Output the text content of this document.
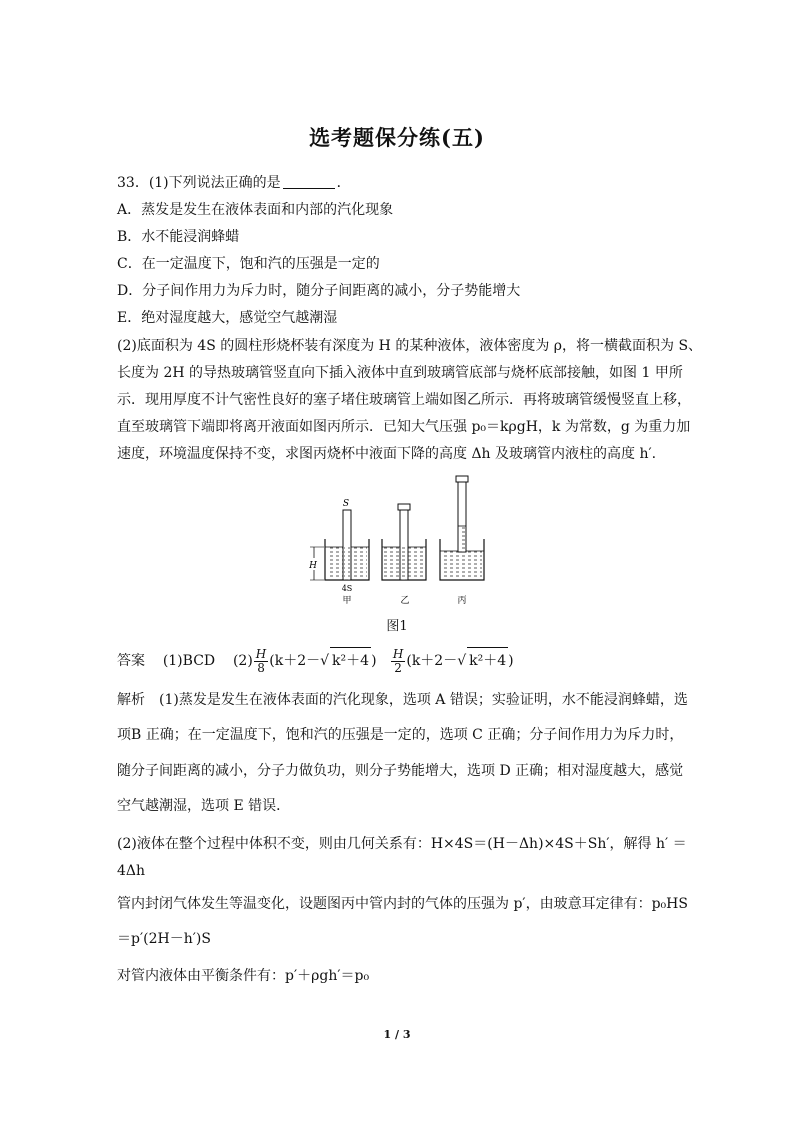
选考题保分练(五)
33．(1)下列说法正确的是	．
A．蒸发是发生在液体表面和内部的汽化现象
B．水不能浸润蜂蜡
C．在一定温度下，饱和汽的压强是一定的
D．分子间作用力为斥力时，随分子间距离的减小，分子势能增大
E．绝对湿度越大，感觉空气越潮湿
(2)底面积为 4S 的圆柱形烧杯装有深度为 H 的某种液体，液体密度为 ρ，将一横截面积为 S、
长度为 2H 的导热玻璃管竖直向下插入液体中直到玻璃管底部与烧杯底部接触，如图 1 甲所
示．现用厚度不计气密性良好的塞子堵住玻璃管上端如图乙所示．再将玻璃管缓慢竖直上移，
直至玻璃管下端即将离开液面如图丙所示．已知大气压强 p₀＝kρgH，k 为常数，g 为重力加
速度，环境温度保持不变，求图丙烧杯中液面下降的高度 Δh 及玻璃管内液柱的高度 h′.
S
H
4S
甲	乙	丙
图1
答案 (1)BCD $(2) \frac{H}{8} (k+2-√$ k²＋4 ) $\frac{H}{2} (k+2-√$ k²＋4 )
解析　(1)蒸发是发生在液体表面的汽化现象，选项 A 错误；实验证明，水不能浸润蜂蜡，选
项B 正确；在一定温度下，饱和汽的压强是一定的，选项 C 正确；分子间作用力为斥力时，
随分子间距离的减小，分子力做负功，则分子势能增大，选项 D 正确；相对湿度越大，感觉
空气越潮湿，选项 E 错误．
(2)液体在整个过程中体积不变，则由几何关系有：H×4S＝(H－Δh)×4S＋Sh′，解得 h′ ＝
4Δh
管内封闭气体发生等温变化，设题图丙中管内封的气体的压强为 p′，由玻意耳定律有：p₀HS
＝p′(2H－h′)S
对管内液体由平衡条件有：p′＋ρgh′＝p₀
1 / 3
